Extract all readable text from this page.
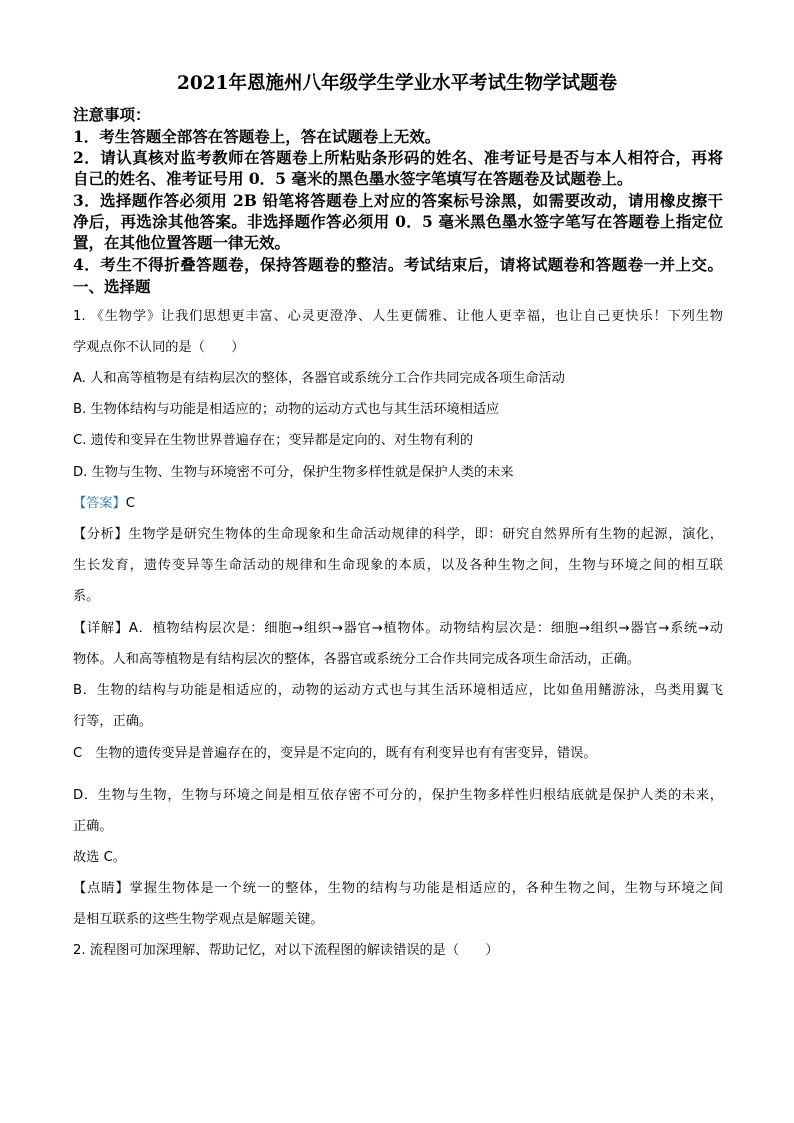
2021年恩施州八年级学生学业水平考试生物学试题卷
注意事项：
1．考生答题全部答在答题卷上，答在试题卷上无效。
2．请认真核对监考教师在答题卷上所粘贴条形码的姓名、准考证号是否与本人相符合，再将
自己的姓名、准考证号用 0．5 毫米的黑色墨水签字笔填写在答题卷及试题卷上。
3．选择题作答必须用 2B 铅笔将答题卷上对应的答案标号涂黑，如需要改动，请用橡皮擦干
净后，再选涂其他答案。非选择题作答必须用 0．5 毫米黑色墨水签字笔写在答题卷上指定位
置，在其他位置答题一律无效。
4．考生不得折叠答题卷，保持答题卷的整洁。考试结束后，请将试题卷和答题卷一并上交。
一、选择题
1. 《生物学》让我们思想更丰富、心灵更澄净、人生更儒雅、让他人更幸福，也让自己更快乐！下列生物
学观点你不认同的是（　　）
A. 人和高等植物是有结构层次的整体，各器官或系统分工合作共同完成各项生命活动
B. 生物体结构与功能是相适应的；动物的运动方式也与其生活环境相适应
C. 遗传和变异在生物世界普遍存在；变异都是定向的、对生物有利的
D. 生物与生物、生物与环境密不可分，保护生物多样性就是保护人类的未来
【答案】C
【分析】生物学是研究生物体的生命现象和生命活动规律的科学，即：研究自然界所有生物的起源，演化，
生长发育，遗传变异等生命活动的规律和生命现象的本质，以及各种生物之间，生物与环境之间的相互联
系。
【详解】A．植物结构层次是：细胞→组织→器官→植物体。动物结构层次是：细胞→组织→器官→系统→动
物体。人和高等植物是有结构层次的整体，各器官或系统分工合作共同完成各项生命活动，正确。
B．生物的结构与功能是相适应的，动物的运动方式也与其生活环境相适应，比如鱼用鳍游泳，鸟类用翼飞
行等，正确。
C　生物的遗传变异是普遍存在的，变异是不定向的，既有有利变异也有有害变异，错误。
D．生物与生物，生物与环境之间是相互依存密不可分的，保护生物多样性归根结底就是保护人类的未来，
正确。
故选 C。
【点睛】掌握生物体是一个统一的整体，生物的结构与功能是相适应的，各种生物之间，生物与环境之间
是相互联系的这些生物学观点是解题关键。
2. 流程图可加深理解、帮助记忆，对以下流程图的解读错误的是（　　）
